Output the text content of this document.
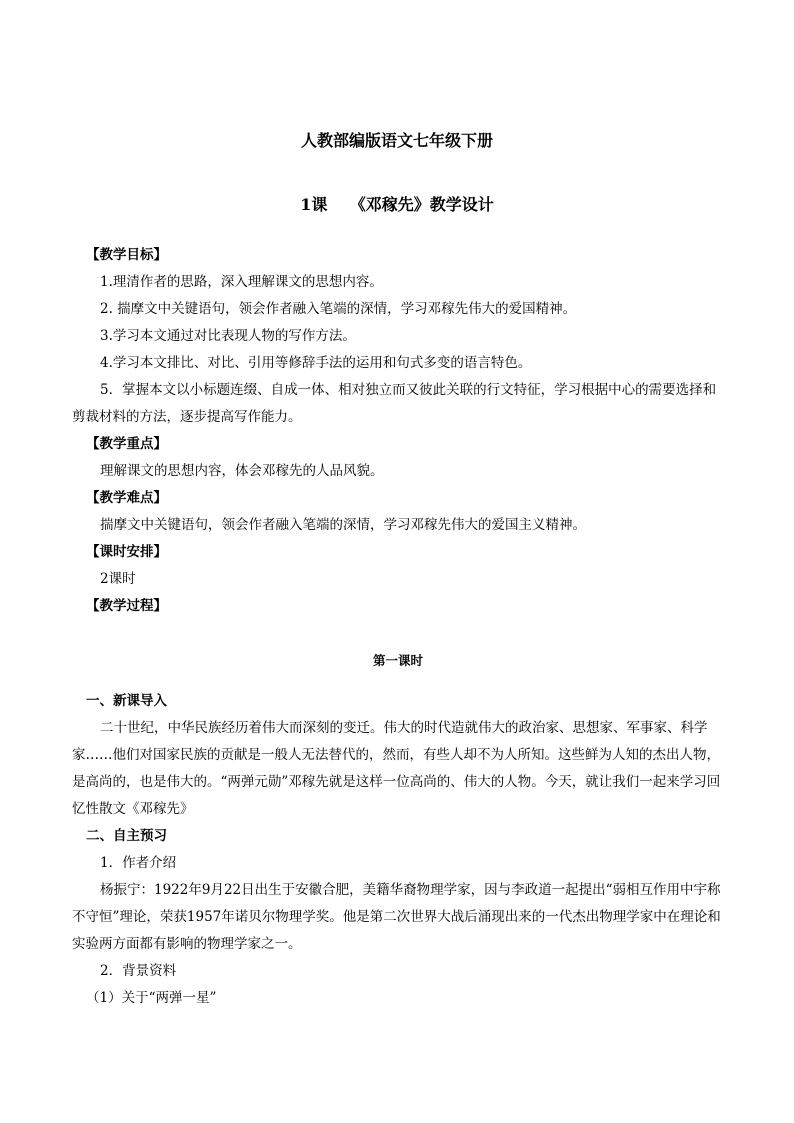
人教部编版语文七年级下册
1课    《邓稼先》教学设计

【教学目标】

1.理清作者的思路，深入理解课文的思想内容。

2. 揣摩文中关键语句，领会作者融入笔端的深情，学习邓稼先伟大的爱国精神。

3.学习本文通过对比表现人物的写作方法。

4.学习本文排比、对比、引用等修辞手法的运用和句式多变的语言特色。

5．掌握本文以小标题连缀、自成一体、相对独立而又彼此关联的行文特征，学习根据中心的需要选择和剪裁材料的方法，逐步提高写作能力。

【教学重点】

理解课文的思想内容，体会邓稼先的人品风貌。

【教学难点】

揣摩文中关键语句，领会作者融入笔端的深情，学习邓稼先伟大的爱国主义精神。

【课时安排】

2课时

【教学过程】

第一课时

一、新课导入

二十世纪，中华民族经历着伟大而深刻的变迁。伟大的时代造就伟大的政治家、思想家、军事家、科学家……他们对国家民族的贡献是一般人无法替代的，然而，有些人却不为人所知。这些鲜为人知的杰出人物，是高尚的，也是伟大的。“两弹元勋”邓稼先就是这样一位高尚的、伟大的人物。今天，就让我们一起来学习回忆性散文《邓稼先》

二、自主预习

1．作者介绍

杨振宁：1922年9月22日出生于安徽合肥，美籍华裔物理学家，因与李政道一起提出“弱相互作用中宇称不守恒”理论，荣获1957年诺贝尔物理学奖。他是第二次世界大战后涌现出来的一代杰出物理学家中在理论和实验两方面都有影响的物理学家之一。

2．背景资料

（1）关于“两弹一星”
